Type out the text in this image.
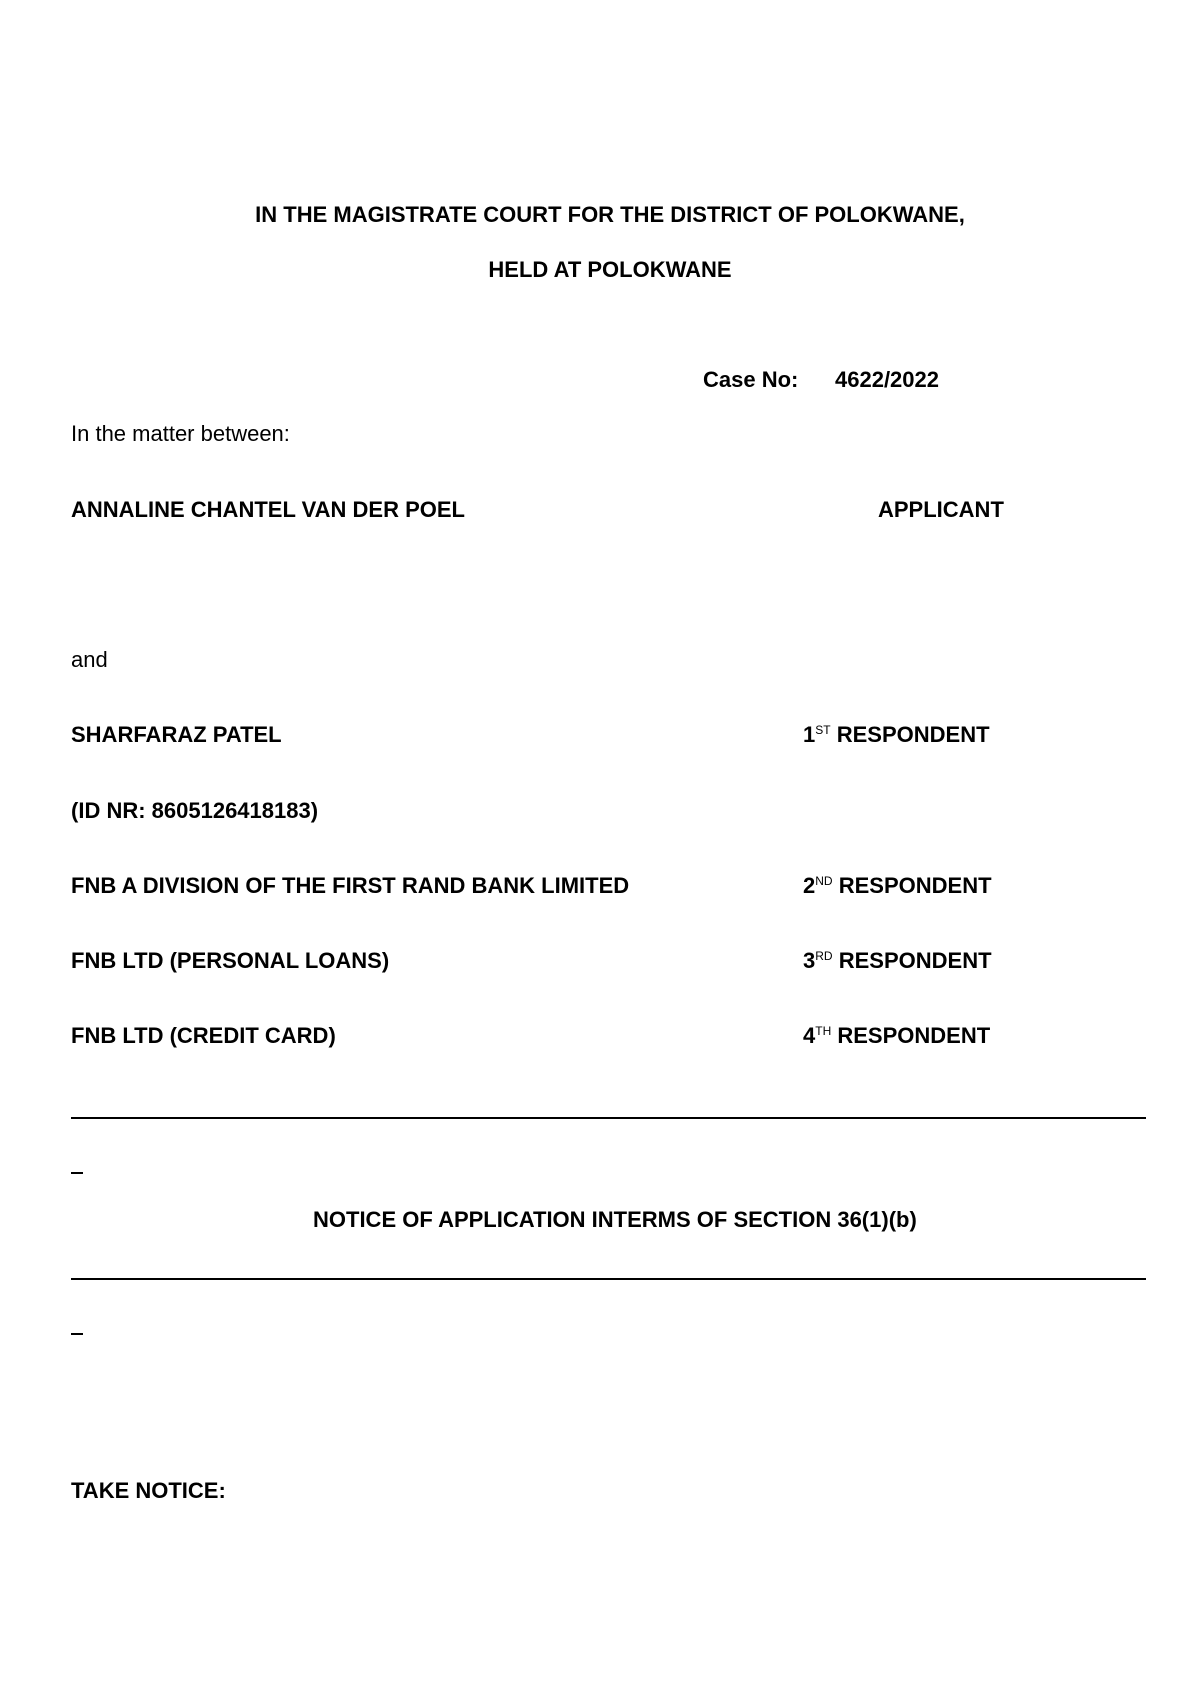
IN THE MAGISTRATE COURT FOR THE DISTRICT OF POLOKWANE,
HELD AT POLOKWANE
Case No: 4622/2022
In the matter between:
ANNALINE CHANTEL VAN DER POEL	APPLICANT
and
SHARFARAZ PATEL	1ST RESPONDENT
(ID NR: 8605126418183)
FNB A DIVISION OF THE FIRST RAND BANK LIMITED	2ND RESPONDENT
FNB LTD (PERSONAL LOANS)	3RD RESPONDENT
FNB LTD (CREDIT CARD)	4TH RESPONDENT
NOTICE OF APPLICATION INTERMS OF SECTION 36(1)(b)
TAKE NOTICE:
